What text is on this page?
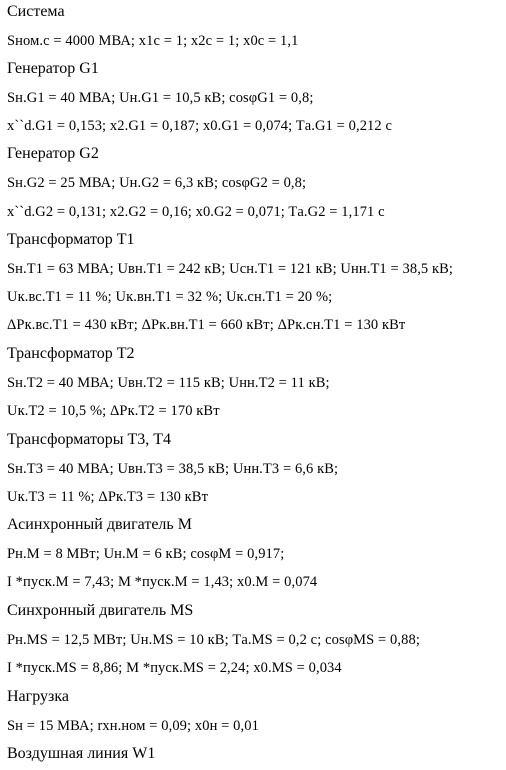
Система
Sном.с = 4000 МВА; x1с = 1; x2с = 1; x0с = 1,1
Генератор G1
Sн.G1 = 40 МВА; Uн.G1 = 10,5 кВ; cosφG1 = 0,8;
x``d.G1 = 0,153; x2.G1 = 0,187; x0.G1 = 0,074; Tа.G1 = 0,212 с
Генератор G2
Sн.G2 = 25 МВА; Uн.G2 = 6,3 кВ; cosφG2 = 0,8;
x``d.G2 = 0,131; x2.G2 = 0,16; x0.G2 = 0,071; Tа.G2 = 1,171 с
Трансформатор Т1
Sн.Т1 = 63 МВА; Uвн.Т1 = 242 кВ; Uсн.Т1 = 121 кВ; Uнн.Т1 = 38,5 кВ;
Uк.вс.Т1 = 11 %; Uк.вн.Т1 = 32 %; Uк.сн.Т1 = 20 %;
ΔPк.вс.Т1 = 430 кВт; ΔPк.вн.Т1 = 660 кВт; ΔPк.сн.Т1 = 130 кВт
Трансформатор Т2
Sн.Т2 = 40 МВА; Uвн.Т2 = 115 кВ; Uнн.Т2 = 11 кВ;
Uк.Т2 = 10,5 %; ΔPк.Т2 = 170 кВт
Трансформаторы Т3, Т4
Sн.Т3 = 40 МВА; Uвн.Т3 = 38,5 кВ; Uнн.Т3 = 6,6 кВ;
Uк.Т3 = 11 %; ΔPк.Т3 = 130 кВт
Асинхронный двигатель М
Pн.М = 8 МВт; Uн.М = 6 кВ; cosφМ = 0,917;
I *пуск.М = 7,43; M *пуск.М = 1,43; x0.М = 0,074
Синхронный двигатель MS
Pн.MS = 12,5 МВт; Uн.MS = 10 кВ; Tа.MS = 0,2 с; cosφMS = 0,88;
I *пуск.MS = 8,86; M *пуск.MS = 2,24; x0.MS = 0,034
Нагрузка
Sн = 15 МВА; rхн.ном = 0,09; x0н = 0,01
Воздушная линия W1
